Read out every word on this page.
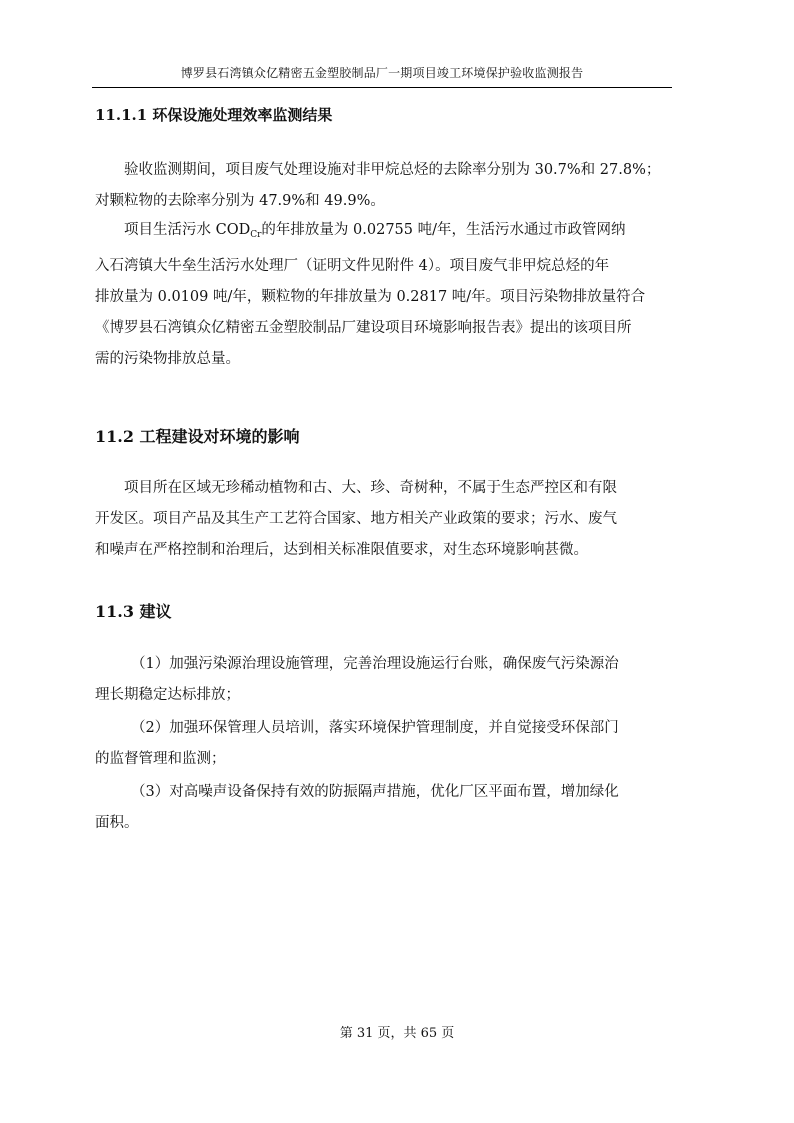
博罗县石湾镇众亿精密五金塑胶制品厂一期项目竣工环境保护验收监测报告
11.1.1 环保设施处理效率监测结果
验收监测期间，项目废气处理设施对非甲烷总烃的去除率分别为 30.7%和 27.8%；
对颗粒物的去除率分别为 47.9%和 49.9%。
项目生活污水 $COD_{Cr}$的年排放量为 0.02755 吨/年，生活污水通过市政管网纳
入石湾镇大牛垒生活污水处理厂（证明文件见附件 4）。项目废气非甲烷总烃的年
排放量为 0.0109 吨/年，颗粒物的年排放量为 0.2817 吨/年。项目污染物排放量符合
《博罗县石湾镇众亿精密五金塑胶制品厂建设项目环境影响报告表》提出的该项目所
需的污染物排放总量。
11.2 工程建设对环境的影响
项目所在区域无珍稀动植物和古、大、珍、奇树种，不属于生态严控区和有限
开发区。项目产品及其生产工艺符合国家、地方相关产业政策的要求；污水、废气
和噪声在严格控制和治理后，达到相关标准限值要求，对生态环境影响甚微。
11.3 建议
（1）加强污染源治理设施管理，完善治理设施运行台账，确保废气污染源治
理长期稳定达标排放；
（2）加强环保管理人员培训，落实环境保护管理制度，并自觉接受环保部门
的监督管理和监测；
（3）对高噪声设备保持有效的防振隔声措施，优化厂区平面布置，增加绿化
面积。
第 31 页，共 65 页
